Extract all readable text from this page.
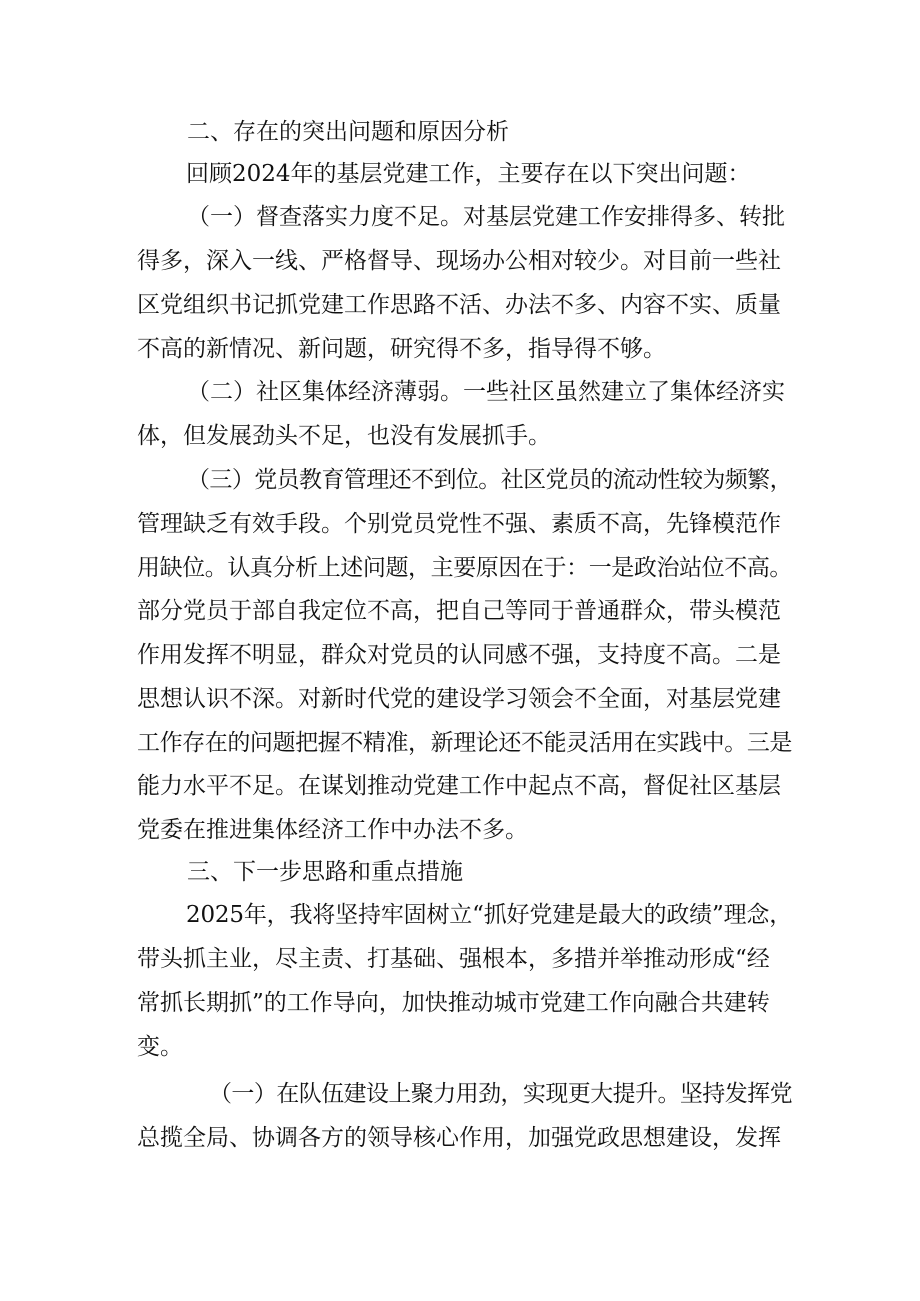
二、存在的突出问题和原因分析
回顾2024年的基层党建工作，主要存在以下突出问题：
（一）督查落实力度不足。对基层党建工作安排得多、转批
得多，深入一线、严格督导、现场办公相对较少。对目前一些社
区党组织书记抓党建工作思路不活、办法不多、内容不实、质量
不高的新情况、新问题，研究得不多，指导得不够。
（二）社区集体经济薄弱。一些社区虽然建立了集体经济实
体，但发展劲头不足，也没有发展抓手。
（三）党员教育管理还不到位。社区党员的流动性较为频繁，
管理缺乏有效手段。个别党员党性不强、素质不高，先锋模范作
用缺位。认真分析上述问题，主要原因在于：一是政治站位不高。
部分党员于部自我定位不高，把自己等同于普通群众，带头模范
作用发挥不明显，群众对党员的认同感不强，支持度不高。二是
思想认识不深。对新时代党的建设学习领会不全面，对基层党建
工作存在的问题把握不精准，新理论还不能灵活用在实践中。三是
能力水平不足。在谋划推动党建工作中起点不高，督促社区基层
党委在推进集体经济工作中办法不多。
三、下一步思路和重点措施
2025年，我将坚持牢固树立“抓好党建是最大的政绩”理念，
带头抓主业，尽主责、打基础、强根本，多措并举推动形成“经
常抓长期抓”的工作导向，加快推动城市党建工作向融合共建转
变。
（一）在队伍建设上聚力用劲，实现更大提升。坚持发挥党
总揽全局、协调各方的领导核心作用，加强党政思想建设，发挥
